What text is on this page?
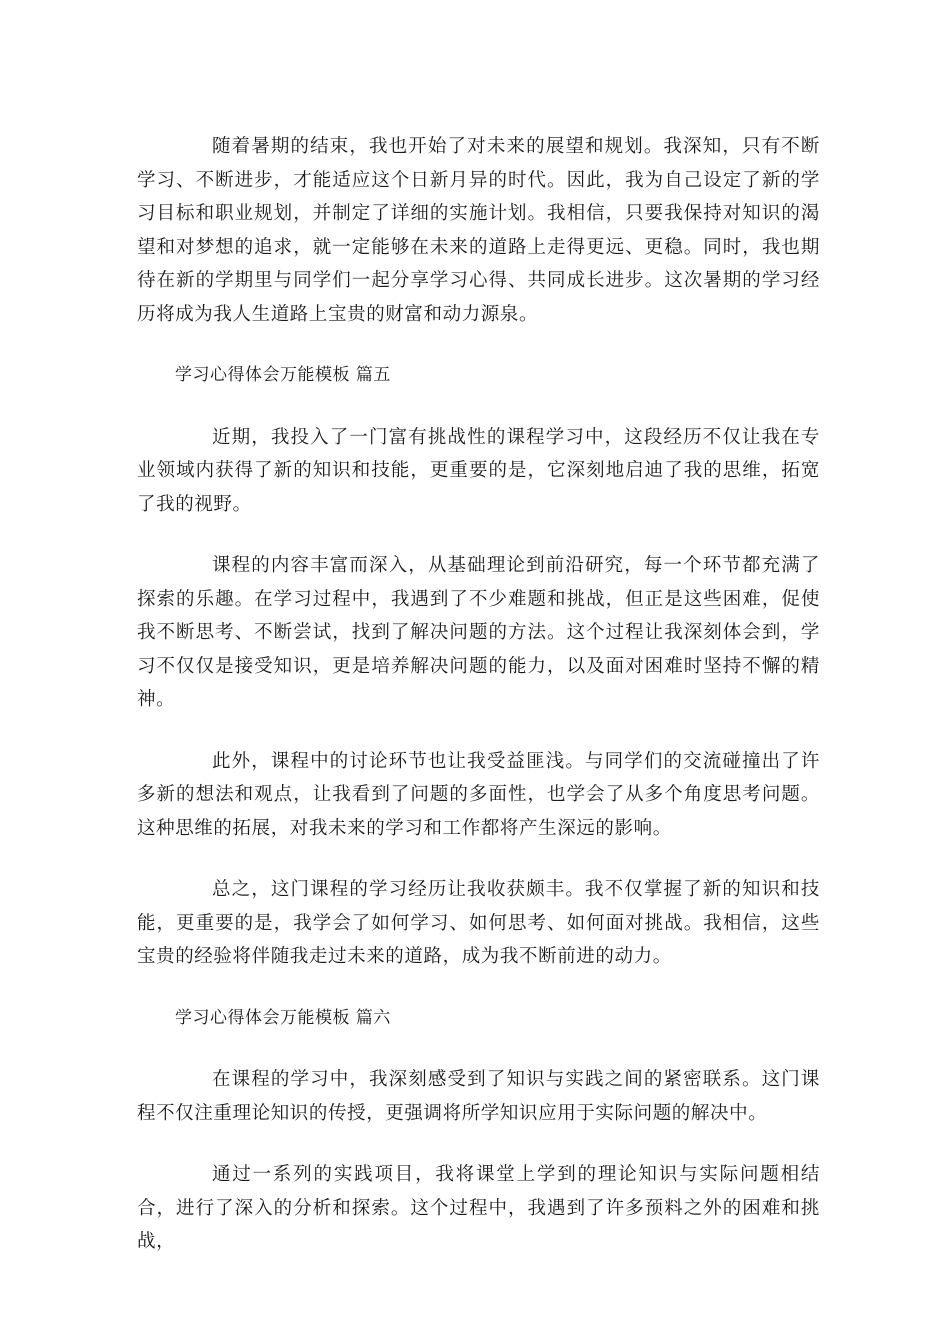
随着暑期的结束，我也开始了对未来的展望和规划。我深知，只有不断学习、不断进步，才能适应这个日新月异的时代。因此，我为自己设定了新的学习目标和职业规划，并制定了详细的实施计划。我相信，只要我保持对知识的渴望和对梦想的追求，就一定能够在未来的道路上走得更远、更稳。同时，我也期待在新的学期里与同学们一起分享学习心得、共同成长进步。这次暑期的学习经历将成为我人生道路上宝贵的财富和动力源泉。

学习心得体会万能模板 篇五

近期，我投入了一门富有挑战性的课程学习中，这段经历不仅让我在专业领域内获得了新的知识和技能，更重要的是，它深刻地启迪了我的思维，拓宽了我的视野。

课程的内容丰富而深入，从基础理论到前沿研究，每一个环节都充满了探索的乐趣。在学习过程中，我遇到了不少难题和挑战，但正是这些困难，促使我不断思考、不断尝试，找到了解决问题的方法。这个过程让我深刻体会到，学习不仅仅是接受知识，更是培养解决问题的能力，以及面对困难时坚持不懈的精神。

此外，课程中的讨论环节也让我受益匪浅。与同学们的交流碰撞出了许多新的想法和观点，让我看到了问题的多面性，也学会了从多个角度思考问题。这种思维的拓展，对我未来的学习和工作都将产生深远的影响。

总之，这门课程的学习经历让我收获颇丰。我不仅掌握了新的知识和技能，更重要的是，我学会了如何学习、如何思考、如何面对挑战。我相信，这些宝贵的经验将伴随我走过未来的道路，成为我不断前进的动力。

学习心得体会万能模板 篇六

在课程的学习中，我深刻感受到了知识与实践之间的紧密联系。这门课程不仅注重理论知识的传授，更强调将所学知识应用于实际问题的解决中。

通过一系列的实践项目，我将课堂上学到的理论知识与实际问题相结合，进行了深入的分析和探索。这个过程中，我遇到了许多预料之外的困难和挑战，
